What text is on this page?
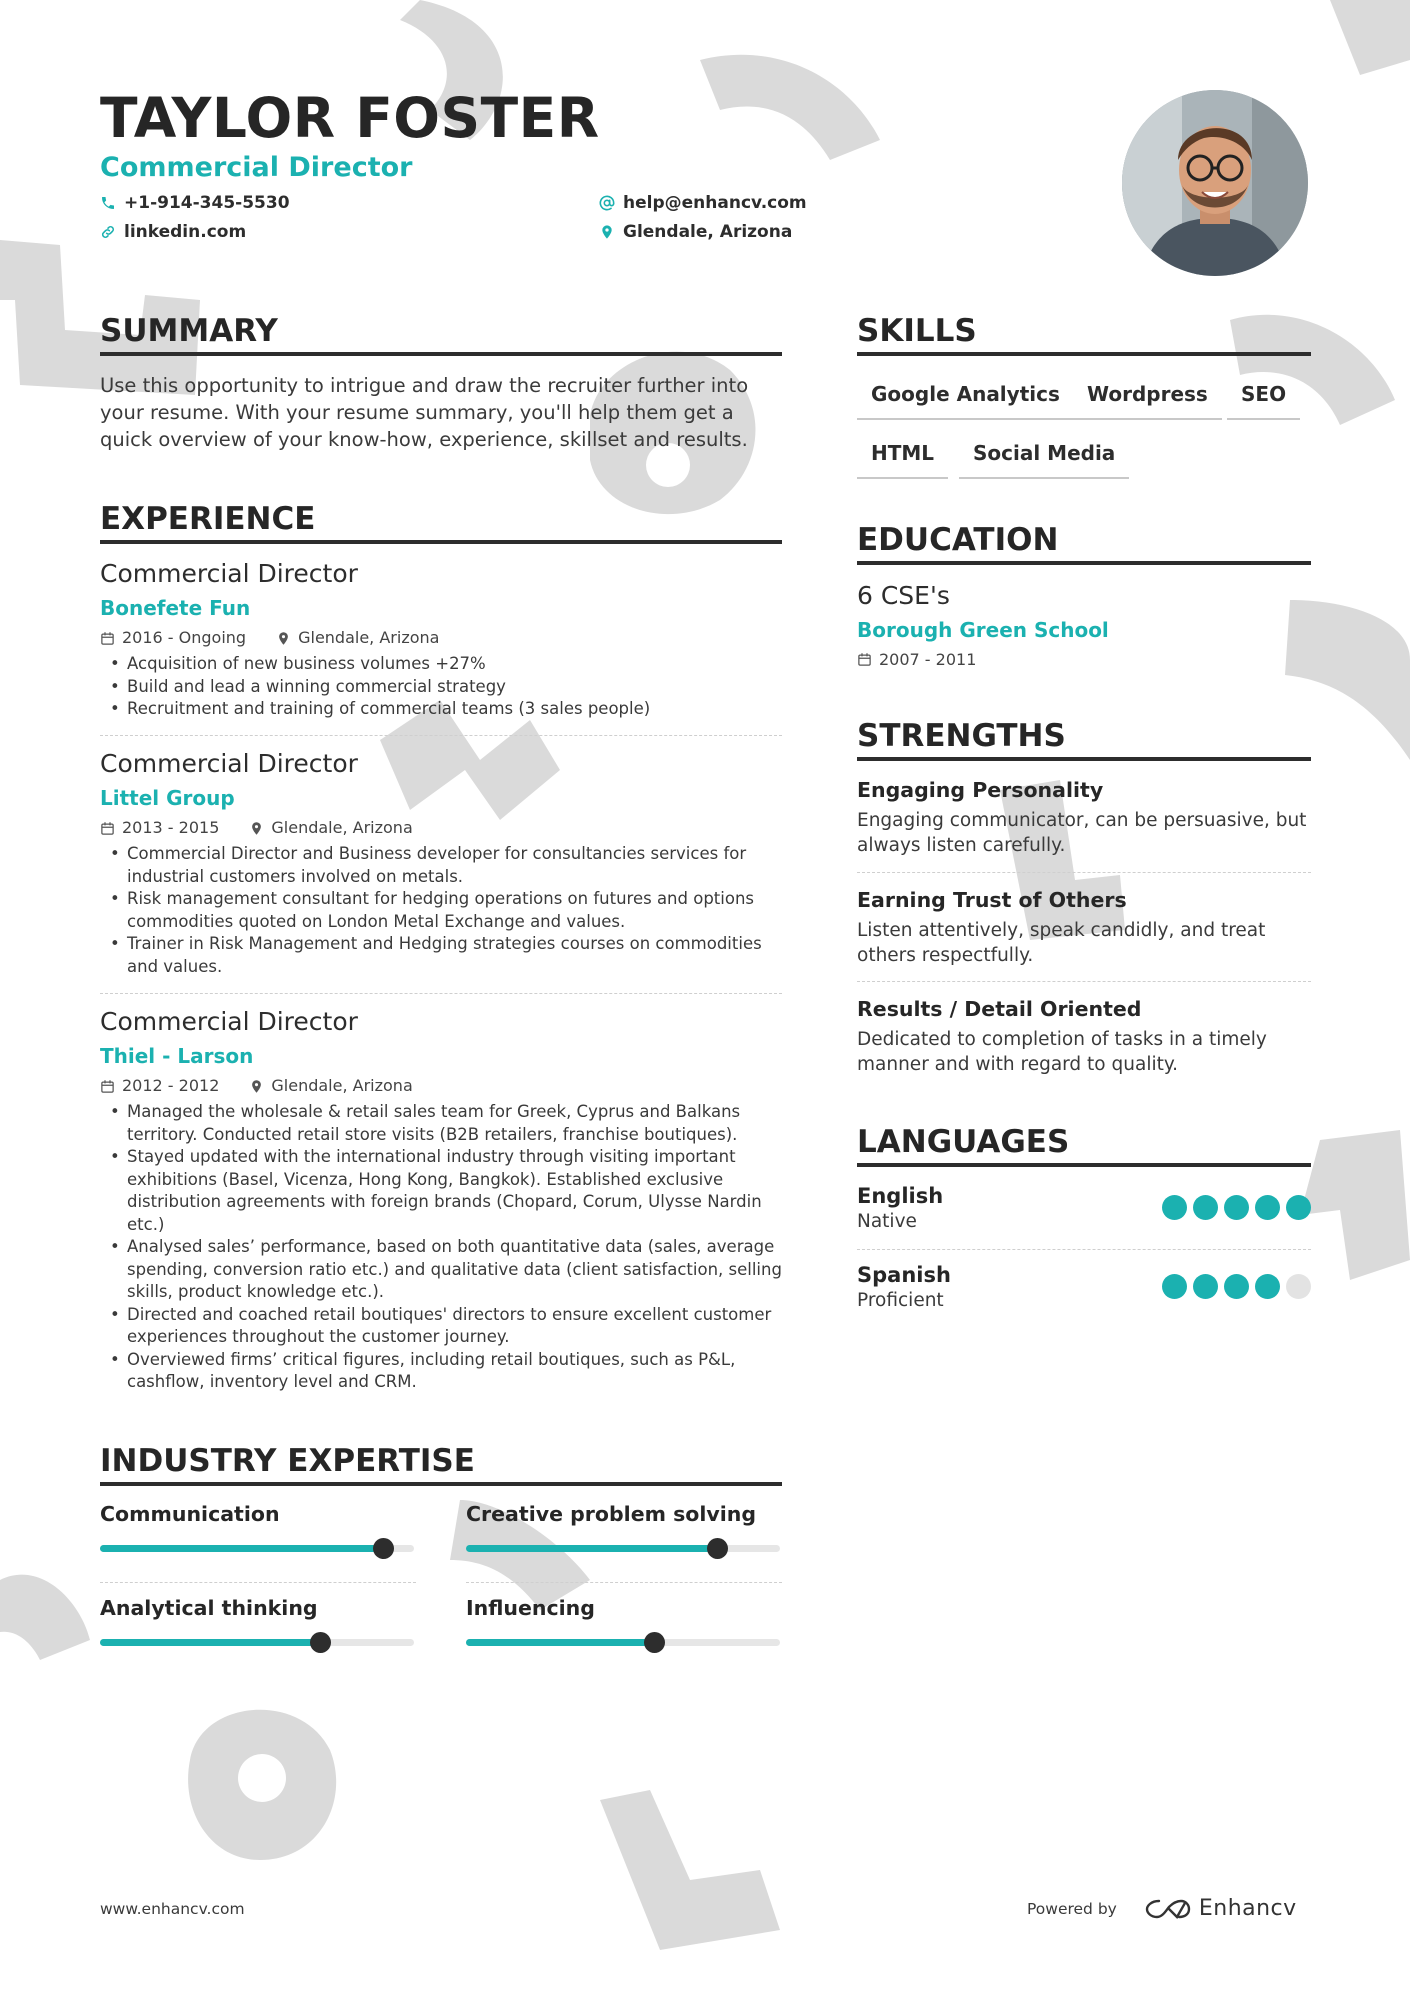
TAYLOR FOSTER
Commercial Director
+1-914-345-5530
linkedin.com
help@enhancv.com
Glendale, Arizona
SUMMARY
Use this opportunity to intrigue and draw the recruiter further into your resume. With your resume summary, you'll help them get a quick overview of your know-how, experience, skillset and results.
EXPERIENCE
Commercial Director
Bonefete Fun
2016 - Ongoing	Glendale, Arizona
• Acquisition of new business volumes +27%
• Build and lead a winning commercial strategy
• Recruitment and training of commercial teams (3 sales people)
Commercial Director
Littel Group
2013 - 2015	Glendale, Arizona
• Commercial Director and Business developer for consultancies services for industrial customers involved on metals.
• Risk management consultant for hedging operations on futures and options commodities quoted on London Metal Exchange and values.
• Trainer in Risk Management and Hedging strategies courses on commodities and values.
Commercial Director
Thiel - Larson
2012 - 2012	Glendale, Arizona
• Managed the wholesale & retail sales team for Greek, Cyprus and Balkans territory. Conducted retail store visits (B2B retailers, franchise boutiques).
• Stayed updated with the international industry through visiting important exhibitions (Basel, Vicenza, Hong Kong, Bangkok). Established exclusive distribution agreements with foreign brands (Chopard, Corum, Ulysse Nardin etc.)
• Analysed sales’ performance, based on both quantitative data (sales, average spending, conversion ratio etc.) and qualitative data (client satisfaction, selling skills, product knowledge etc.).
• Directed and coached retail boutiques' directors to ensure excellent customer experiences throughout the customer journey.
• Overviewed firms’ critical figures, including retail boutiques, such as P&L, cashflow, inventory level and CRM.
INDUSTRY EXPERTISE
Communication	Creative problem solving
Analytical thinking	Influencing
SKILLS
Google Analytics	Wordpress	SEO
HTML	Social Media
EDUCATION
6 CSE's
Borough Green School
2007 - 2011
STRENGTHS
Engaging Personality
Engaging communicator, can be persuasive, but always listen carefully.
Earning Trust of Others
Listen attentively, speak candidly, and treat others respectfully.
Results / Detail Oriented
Dedicated to completion of tasks in a timely manner and with regard to quality.
LANGUAGES
English
Native
Spanish
Proficient
www.enhancv.com	Powered by	Enhancv
